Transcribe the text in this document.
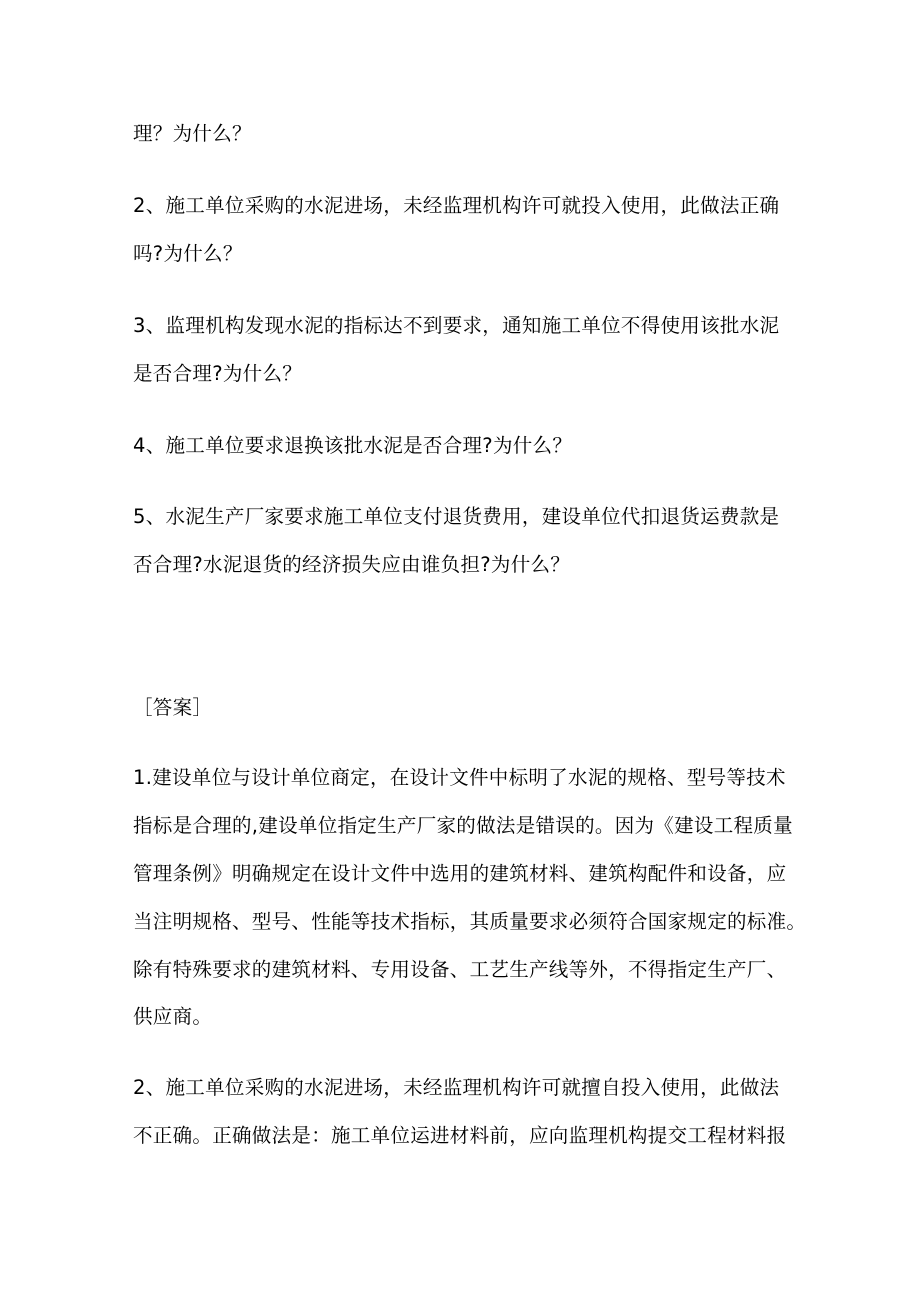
理？为什么？
2、施工单位采购的水泥进场，未经监理机构许可就投入使用，此做法正确
吗?为什么？
3、监理机构发现水泥的指标达不到要求，通知施工单位不得使用该批水泥
是否合理?为什么？
4、施工单位要求退换该批水泥是否合理?为什么？
5、水泥生产厂家要求施工单位支付退货费用，建设单位代扣退货运费款是
否合理?水泥退货的经济损失应由谁负担?为什么？
［答案］
1.建设单位与设计单位商定，在设计文件中标明了水泥的规格、型号等技术
指标是合理的,建设单位指定生产厂家的做法是错误的。因为《建设工程质量
管理条例》明确规定在设计文件中选用的建筑材料、建筑构配件和设备，应
当注明规格、型号、性能等技术指标，其质量要求必须符合国家规定的标准。
除有特殊要求的建筑材料、专用设备、工艺生产线等外，不得指定生产厂、
供应商。
2、施工单位采购的水泥进场，未经监理机构许可就擅自投入使用，此做法
不正确。正确做法是：施工单位运进材料前，应向监理机构提交工程材料报
